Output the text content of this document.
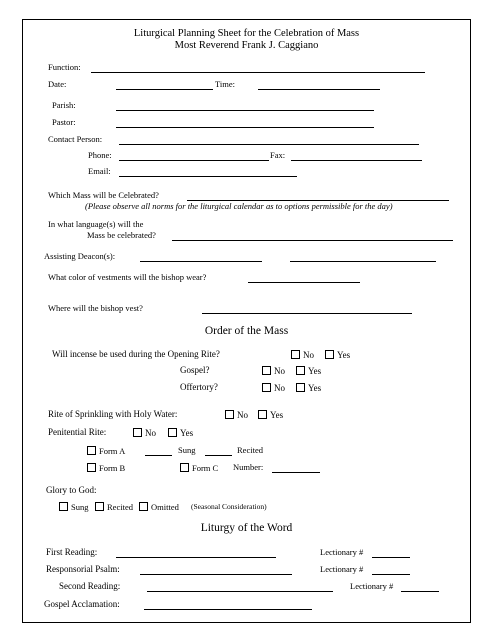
Liturgical Planning Sheet for the Celebration of Mass
Most Reverend Frank J. Caggiano
Function:
Date:	Time:
Parish:
Pastor:
Contact Person:
Phone:	Fax:
Email:
Which Mass will be Celebrated?
(Please observe all norms for the liturgical calendar as to options permissible for the day)
In what language(s) will the
Mass be celebrated?
Assisting Deacon(s):
What color of vestments will the bishop wear?
Where will the bishop vest?
Order of the Mass
Will incense be used during the Opening Rite?	No	Yes
Gospel?	No	Yes
Offertory?	No	Yes
Rite of Sprinkling with Holy Water:	No	Yes
Penitential Rite:	No	Yes
Form A	Sung	Recited
Form B	Form C Number:
Glory to God:
Sung	Recited	Omitted (Seasonal Consideration)
Liturgy of the Word
First Reading:	Lectionary #
Responsorial Psalm:	Lectionary #
Second Reading:	Lectionary #
Gospel Acclamation:
